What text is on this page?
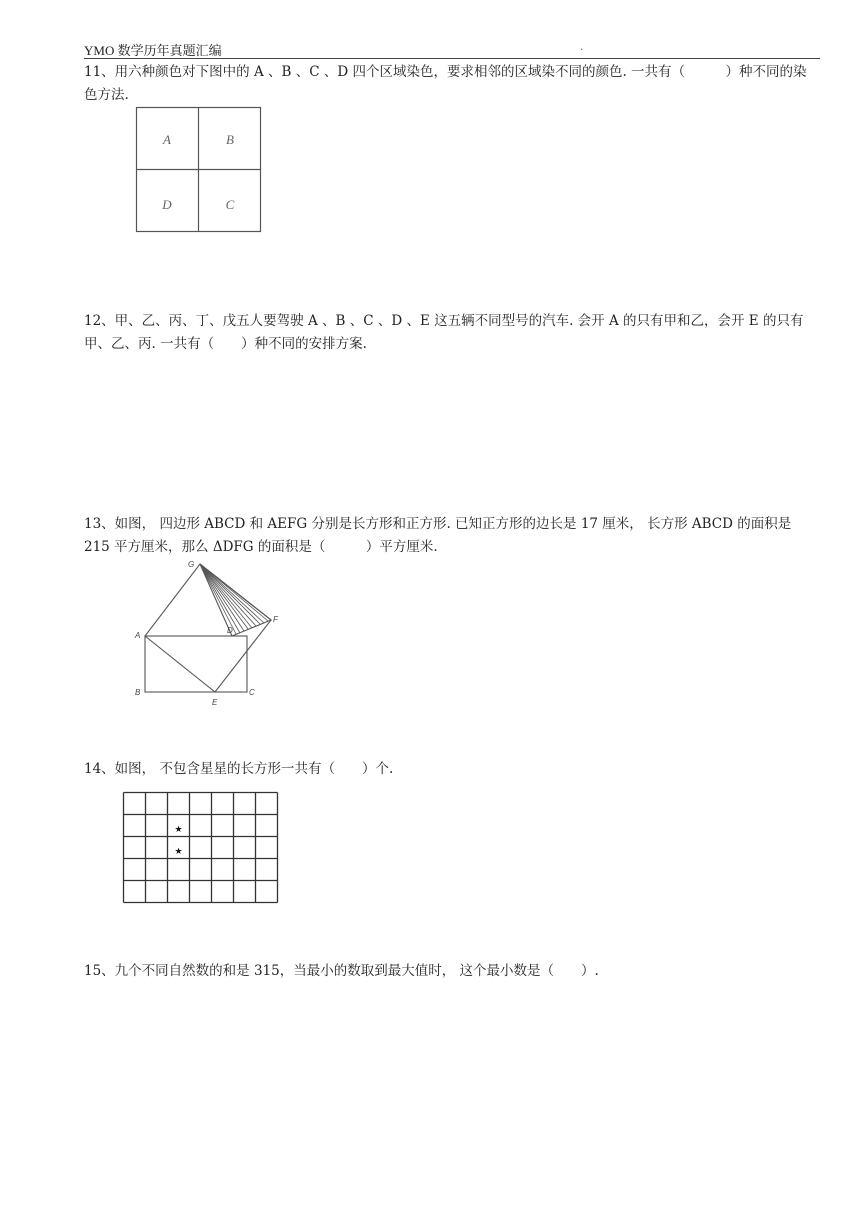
YMO 数学历年真题汇编	.
11、用六种颜色对下图中的 A 、B 、C 、D 四个区域染色，要求相邻的区域染不同的颜色. 一共有（　　　）种不同的染色方法.
A	B
D	C
12、甲、乙、丙、丁、戊五人要驾驶 A 、B 、C 、D 、E 这五辆不同型号的汽车. 会开 A 的只有甲和乙，会开 E 的只有甲、乙、丙. 一共有（　　）种不同的安排方案.
13、如图， 四边形 ABCD 和 AEFG 分别是长方形和正方形. 已知正方形的边长是 17 厘米， 长方形 ABCD 的面积是 215 平方厘米，那么 ΔDFG 的面积是（　　　）平方厘米.
G
F
A
D
B	C
E
14、如图， 不包含星星的长方形一共有（　　）个.
★
★
15、九个不同自然数的和是 315，当最小的数取到最大值时， 这个最小数是（　　）.
